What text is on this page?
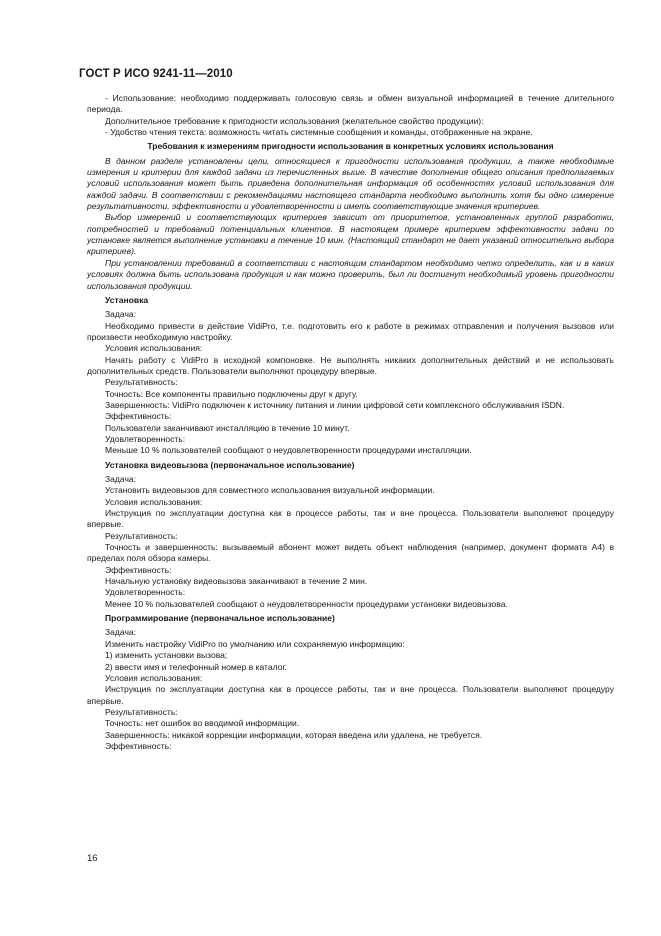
ГОСТ Р ИСО 9241-11—2010

- Использование: необходимо поддерживать голосовую связь и обмен визуальной информацией в течение длительного периода.

Дополнительное требование к пригодности использования (желательное свойство продукции):

- Удобство чтения текста: возможность читать системные сообщения и команды, отображенные на экране.

Требования к измерениям пригодности использования в конкретных условиях использования

В данном разделе установлены цели, относящиеся к пригодности использования продукции, а также необходимые измерения и критерии для каждой задачи из перечисленных выше. В качестве дополнения общего описания предполагаемых условий использования может быть приведена дополнительная информация об особенностях условий использования для каждой задачи. В соответствии с рекомендациями настоящего стандарта необходимо выполнить хотя бы одно измерение результативности, эффективности и удовлетворенности и иметь соответствующие значения критериев.

Выбор измерений и соответствующих критериев зависит от приоритетов, установленных группой разработки, потребностей и требований потенциальных клиентов. В настоящем примере критерием эффективности задачи по установке является выполнение установки в течение 10 мин. (Настоящий стандарт не дает указаний относительно выбора критериев).

При установлении требований в соответствии с настоящим стандартом необходимо четко определить, как и в каких условиях должна быть использована продукция и как можно проверить, был ли достигнут необходимый уровень пригодности использования продукции.

Установка

Задача:

Необходимо привести в действие VidiPro, т.е. подготовить его к работе в режимах отправления и получения вызовов или произвести необходимую настройку.

Условия использования:

Начать работу с VidiPro в исходной компоновке. Не выполнять никаких дополнительных действий и не использовать дополнительных средств. Пользователи выполняют процедуру впервые.

Результативность:

Точность: Все компоненты правильно подключены друг к другу.

Завершенность: VidiPro подключен к источнику питания и линии цифровой сети комплексного обслуживания ISDN.

Эффективность:

Пользователи заканчивают инсталляцию в течение 10 минут.

Удовлетворенность:

Меньше 10 % пользователей сообщают о неудовлетворенности процедурами инсталляции.

Установка видеовызова (первоначальное использование)

Задача:

Установить видеовызов для совместного использования визуальной информации.

Условия использования:

Инструкция по эксплуатации доступна как в процессе работы, так и вне процесса. Пользователи выполняют процедуру впервые.

Результативность:

Точность и завершенность: вызываемый абонент может видеть объект наблюдения (например, документ формата А4) в пределах поля обзора камеры.

Эффективность:

Начальную установку видеовызова заканчивают в течение 2 мин.

Удовлетворенность:

Менее 10 % пользователей сообщают о неудовлетворенности процедурами установки видеовызова.

Программирование (первоначальное использование)

Задача:

Изменить настройку VidiPro по умолчанию или сохраняемую информацию:

1) изменить установки вызова;

2) ввести имя и телефонный номер в каталог.

Условия использования:

Инструкция по эксплуатации доступна как в процессе работы, так и вне процесса. Пользователи выполняют процедуру впервые.

Результативность:

Точность: нет ошибок во вводимой информации.

Завершенность: никакой коррекции информации, которая введена или удалена, не требуется.

Эффективность:

16
